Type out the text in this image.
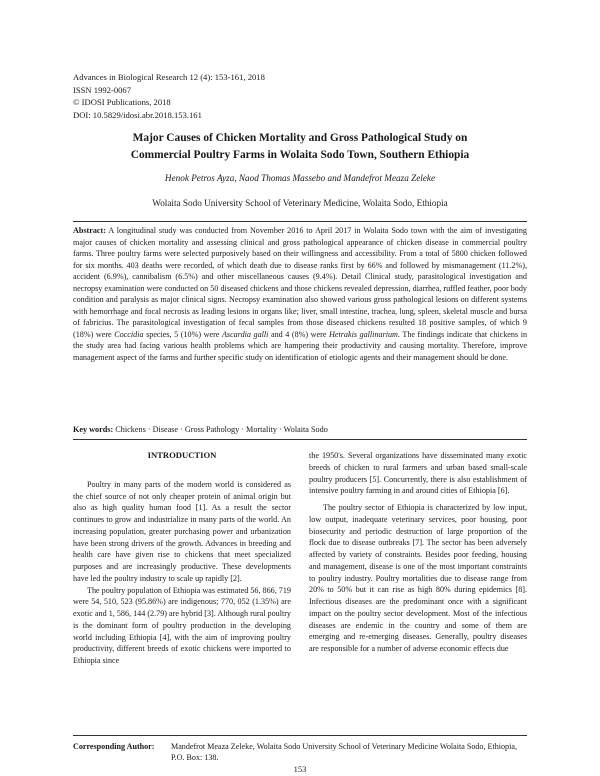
Advances in Biological Research 12 (4): 153-161, 2018
ISSN 1992-0067
© IDOSI Publications, 2018
DOI: 10.5829/idosi.abr.2018.153.161
Major Causes of Chicken Mortality and Gross Pathological Study on
Commercial Poultry Farms in Wolaita Sodo Town, Southern Ethiopia
Henok Petros Ayza, Naod Thomas Massebo and Mandefrot Meaza Zeleke
Wolaita Sodo University School of Veterinary Medicine, Wolaita Sodo, Ethiopia
Abstract: A longitudinal study was conducted from November 2016 to April 2017 in Wolaita Sodo town with the aim of investigating major causes of chicken mortality and assessing clinical and gross pathological appearance of chicken disease in commercial poultry farms. Three poultry farms were selected purposively based on their willingness and accessibility. From a total of 5800 chicken followed for six months. 403 deaths were recorded, of which death due to disease ranks first by 66% and followed by mismanagement (11.2%), accident (6.9%), cannibalism (6.5%) and other miscellaneous causes (9.4%). Detail Clinical study, parasitological investigation and necropsy examination were conducted on 50 diseased chickens and those chickens revealed depression, diarrhea, ruffled feather, poor body condition and paralysis as major clinical signs. Necropsy examination also showed various gross pathological lesions on different systems with hemorrhage and focal necrosis as leading lesions in organs like; liver, small intestine, trachea, lung, spleen, skeletal muscle and bursa of fabricius. The parasitological investigation of fecal samples from those diseased chickens resulted 18 positive samples, of which 9 (18%) were Coccidia species, 5 (10%) were Ascardia galli and 4 (8%) were Hetrakis gallinarium. The findings indicate that chickens in the study area had facing various health problems which are hampering their productivity and causing mortality. Therefore, improve management aspect of the farms and further specific study on identification of etiologic agents and their management should be done.
Key words: Chickens · Disease · Gross Pathology · Mortality · Wolaita Sodo
INTRODUCTION

Poultry in many parts of the modern world is considered as the chief source of not only cheaper protein of animal origin but also as high quality human food [1]. As a result the sector continues to grow and industrialize in many parts of the world. An increasing population, greater purchasing power and urbanization have been strong drivers of the growth. Advances in breeding and health care have given rise to chickens that meet specialized purposes and are increasingly productive. These developments have led the poultry industry to scale up rapidly [2].

The poultry population of Ethiopia was estimated 56, 866, 719 were 54, 510, 523 (95.86%) are indigenous; 770, 052 (1.35%) are exotic and 1, 586, 144 (2.79) are hybrid [3]. Although rural poultry is the dominant form of poultry production in the developing world including Ethiopia [4], with the aim of improving poultry productivity, different breeds of exotic chickens were imported to Ethiopia since

the 1950's. Several organizations have disseminated many exotic breeds of chicken to rural farmers and urban based small-scale poultry producers [5]. Concurrently, there is also establishment of intensive poultry farming in and around cities of Ethiopia [6].

The poultry sector of Ethiopia is characterized by low input, low output, inadequate veterinary services, poor housing, poor biosecurity and periodic destruction of large proportion of the flock due to disease outbreaks [7]. The sector has been adversely affected by variety of constraints. Besides poor feeding, housing and management, disease is one of the most important constraints to poultry industry. Poultry mortalities due to disease range from 20% to 50% but it can rise as high 80% during epidemics [8]. Infectious diseases are the predominant once with a significant impact on the poultry sector development. Most of the infectious diseases are endemic in the country and some of them are emerging and re-emerging diseases. Generally, poultry diseases are responsible for a number of adverse economic effects due

Corresponding Author: Mandefrot Meaza Zeleke, Wolaita Sodo University School of Veterinary Medicine Wolaita Sodo, Ethiopia, P.O. Box: 138.
153
